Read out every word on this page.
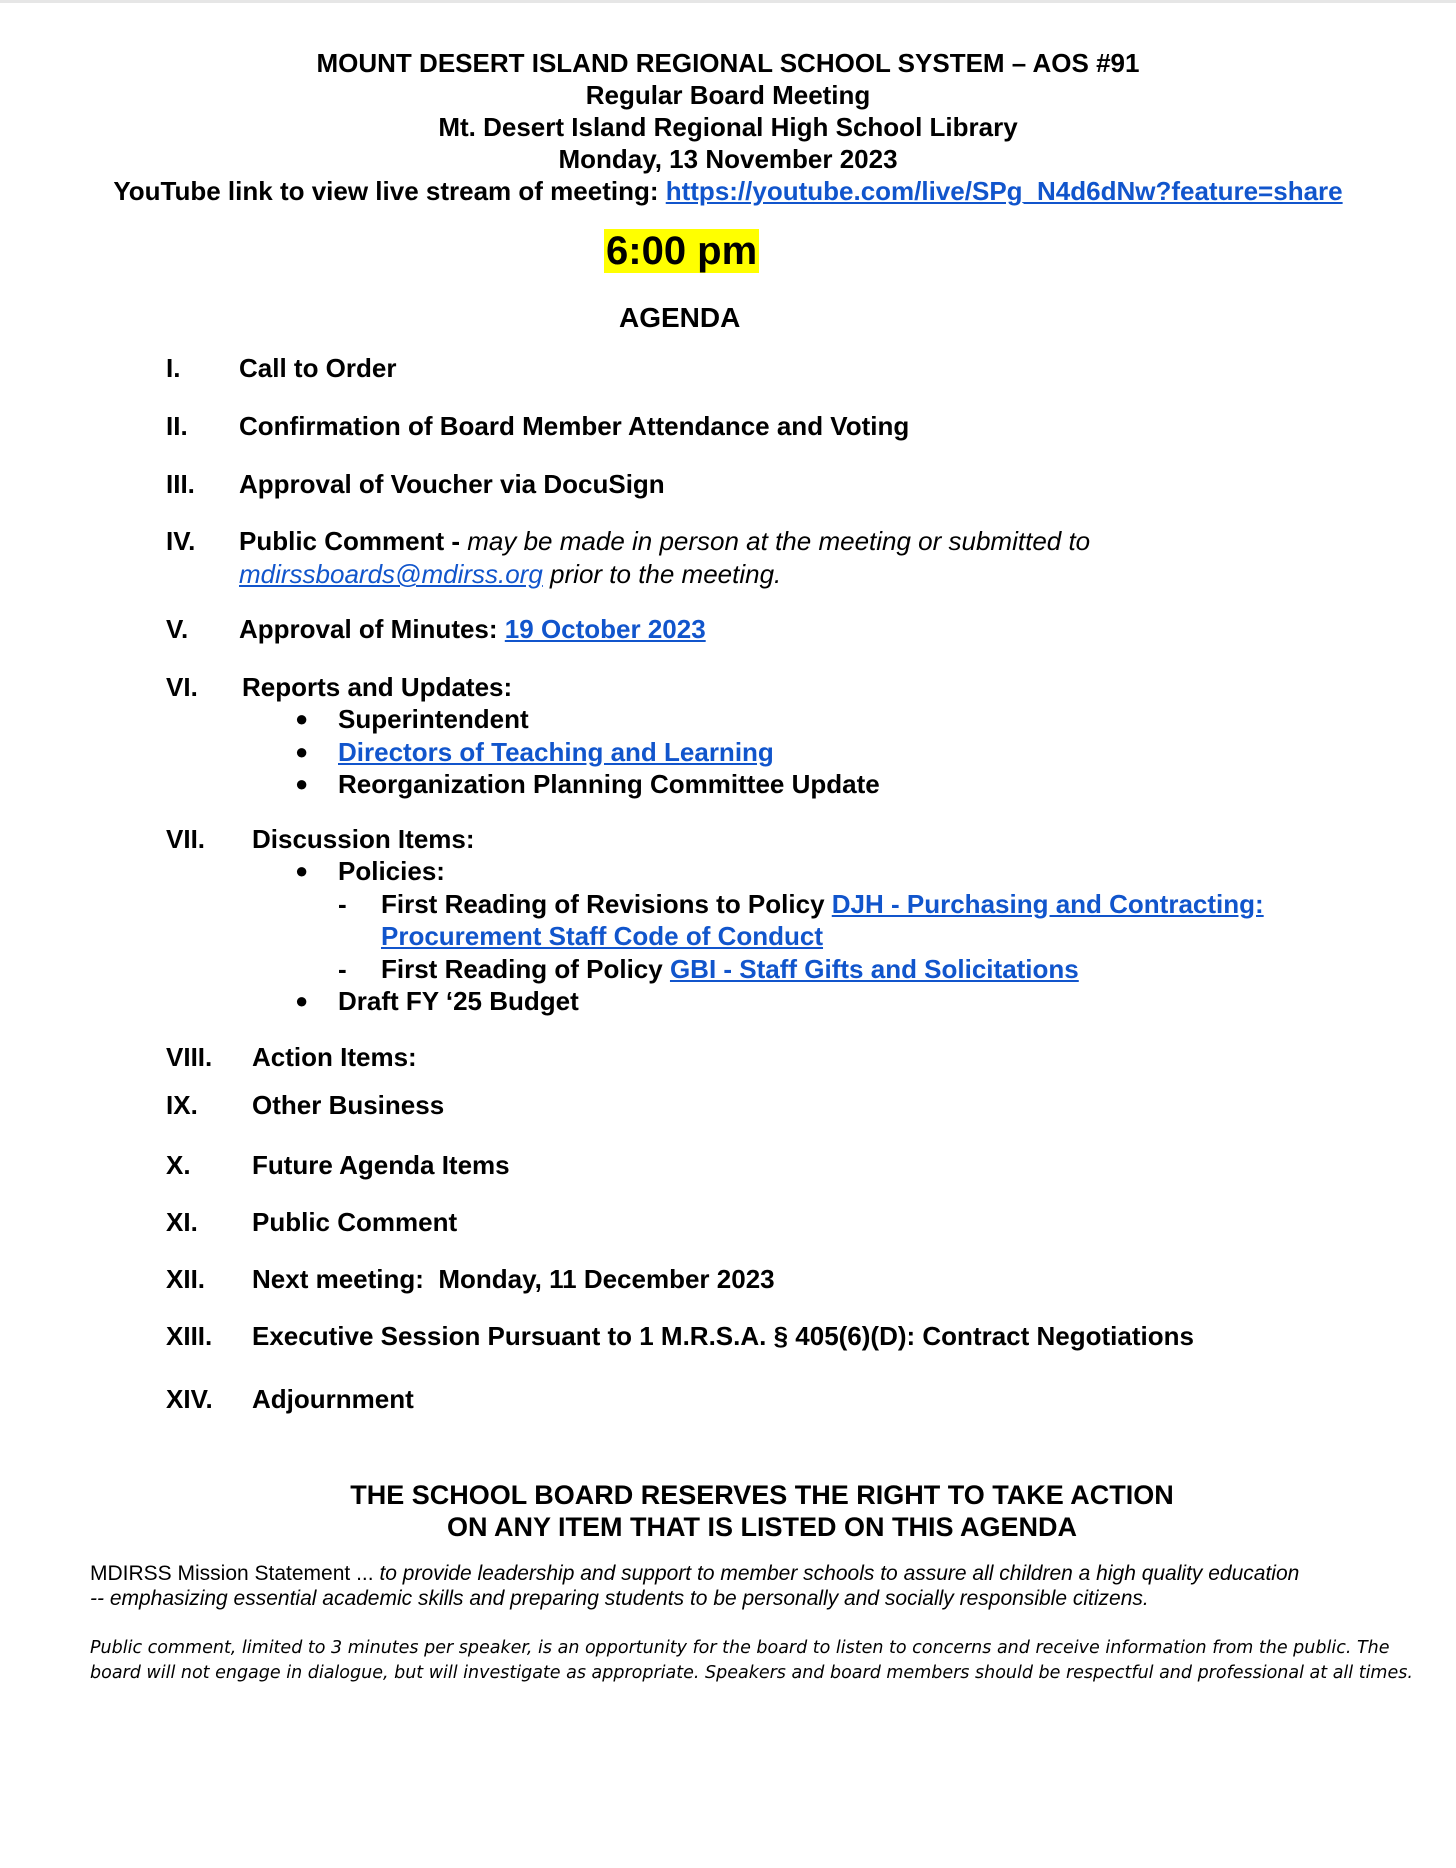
MOUNT DESERT ISLAND REGIONAL SCHOOL SYSTEM – AOS #91
Regular Board Meeting
Mt. Desert Island Regional High School Library
Monday, 13 November 2023
YouTube link to view live stream of meeting: https://youtube.com/live/SPg_N4d6dNw?feature=share
6:00 pm
AGENDA
I. Call to Order
II. Confirmation of Board Member Attendance and Voting
III. Approval of Voucher via DocuSign
IV. Public Comment - may be made in person at the meeting or submitted to
mdirssboards@mdirss.org prior to the meeting.
V. Approval of Minutes: 19 October 2023
VI. Reports and Updates:
● Superintendent
● Directors of Teaching and Learning
● Reorganization Planning Committee Update
VII. Discussion Items:
● Policies:
- First Reading of Revisions to Policy DJH - Purchasing and Contracting:
Procurement Staff Code of Conduct
- First Reading of Policy GBI - Staff Gifts and Solicitations
● Draft FY ‘25 Budget
VIII. Action Items:
IX. Other Business
X. Future Agenda Items
XI. Public Comment
XII. Next meeting:  Monday, 11 December 2023
XIII. Executive Session Pursuant to 1 M.R.S.A. § 405(6)(D): Contract Negotiations
XIV. Adjournment
THE SCHOOL BOARD RESERVES THE RIGHT TO TAKE ACTION
ON ANY ITEM THAT IS LISTED ON THIS AGENDA
MDIRSS Mission Statement ... to provide leadership and support to member schools to assure all children a high quality education
-- emphasizing essential academic skills and preparing students to be personally and socially responsible citizens.
Public comment, limited to 3 minutes per speaker, is an opportunity for the board to listen to concerns and receive information from the public. The
board will not engage in dialogue, but will investigate as appropriate. Speakers and board members should be respectful and professional at all times.
